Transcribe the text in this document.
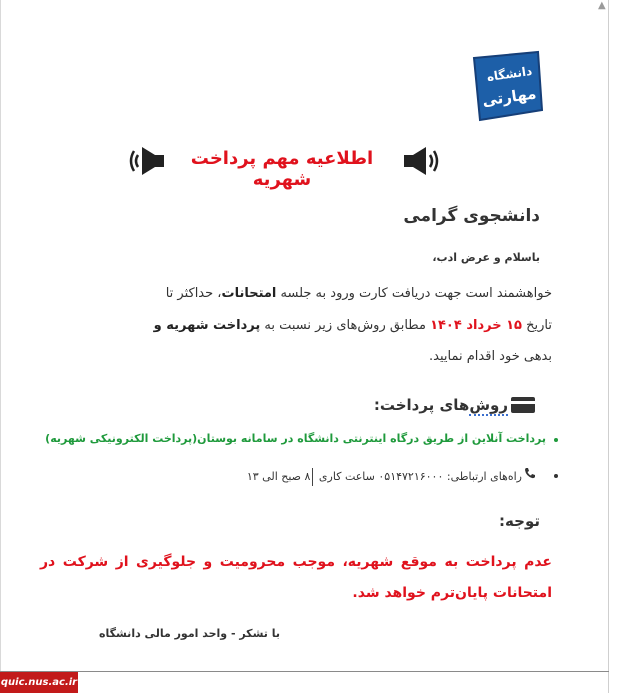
▲
دانشگاه
مهارتی
اطلاعیه مهم پرداخت شهریه
دانشجوی گرامی
باسلام و عرض ادب،
خواهشمند است جهت دریافت کارت ورود به جلسه امتحانات، حداکثر تا
تاریخ ۱۵ خرداد ۱۴۰۴ مطابق روش‌های زیر نسبت به پرداخت شهریه و
بدهی خود اقدام نمایید.
روش‌های پرداخت:
پرداخت آنلاین از طریق درگاه اینترنتی دانشگاه در سامانه بوستان(پرداخت الکترونیکی شهریه)
راه‌های ارتباطی: ۰۵۱۴۷۲۱۶۰۰۰ ساعت کاری ۸ صبح الی ۱۳
توجه:
عدم پرداخت به موقع شهریه، موجب محرومیت و جلوگیری از شرکت در
امتحانات پایان‌ترم خواهد شد.
با تشکر - واحد امور مالی دانشگاه
quic.nus.ac.ir
